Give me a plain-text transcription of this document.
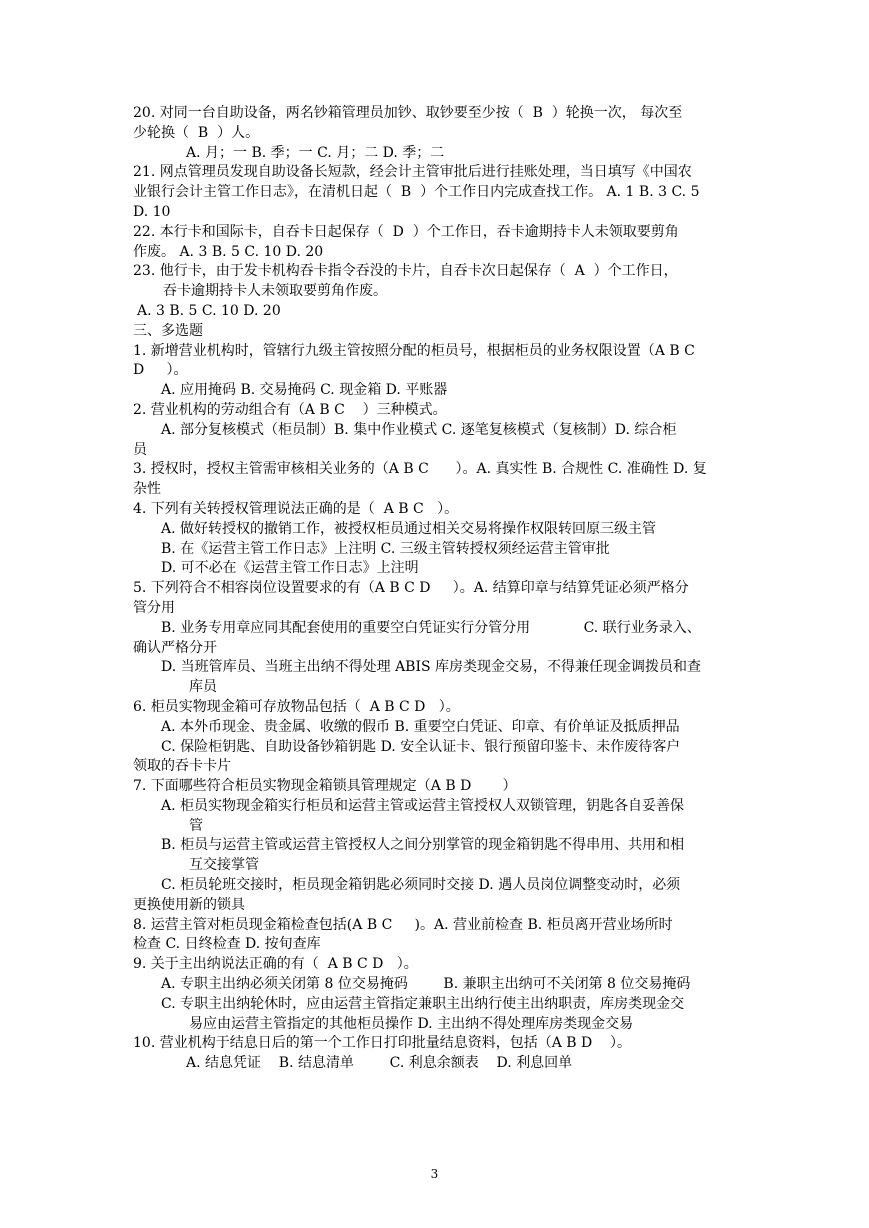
20. 对同一台自助设备，两名钞箱管理员加钞、取钞要至少按（  B  ）轮换一次， 每次至
少轮换（  B  ）人。
A. 月；一 B. 季；一 C. 月；二 D. 季；二
21. 网点管理员发现自助设备长短款，经会计主管审批后进行挂账处理，当日填写《中国农
业银行会计主管工作日志》，在清机日起（  B  ）个工作日内完成查找工作。 A. 1 B. 3 C. 5
D. 10
22. 本行卡和国际卡，自吞卡日起保存（  D  ）个工作日，吞卡逾期持卡人未领取要剪角
作废。 A. 3 B. 5 C. 10 D. 20
23. 他行卡，由于发卡机构吞卡指令吞没的卡片，自吞卡次日起保存（  A  ）个工作日，
吞卡逾期持卡人未领取要剪角作废。
A. 3 B. 5 C. 10 D. 20
三、多选题
1. 新增营业机构时，管辖行九级主管按照分配的柜员号，根据柜员的业务权限设置（A B C
D     ）。
A. 应用掩码 B. 交易掩码 C. 现金箱 D. 平账器
2. 营业机构的劳动组合有（A B C    ）三种模式。
A. 部分复核模式（柜员制）B. 集中作业模式 C. 逐笔复核模式（复核制）D. 综合柜
员
3. 授权时，授权主管需审核相关业务的（A B C      ）。A. 真实性 B. 合规性 C. 准确性 D. 复
杂性
4. 下列有关转授权管理说法正确的是（  A B C   ）。
A. 做好转授权的撤销工作，被授权柜员通过相关交易将操作权限转回原三级主管
B. 在《运营主管工作日志》上注明 C. 三级主管转授权须经运营主管审批
D. 可不必在《运营主管工作日志》上注明
5. 下列符合不相容岗位设置要求的有（A B C D     ）。A. 结算印章与结算凭证必须严格分
管分用
B. 业务专用章应同其配套使用的重要空白凭证实行分管分用            C. 联行业务录入、
确认严格分开
D. 当班管库员、当班主出纳不得处理 ABIS 库房类现金交易，不得兼任现金调拨员和查
库员
6. 柜员实物现金箱可存放物品包括（  A B C D   ）。
A. 本外币现金、贵金属、收缴的假币 B. 重要空白凭证、印章、有价单证及抵质押品
C. 保险柜钥匙、自助设备钞箱钥匙 D. 安全认证卡、银行预留印鉴卡、未作废待客户
领取的吞卡卡片
7. 下面哪些符合柜员实物现金箱锁具管理规定（A B D       ）
A. 柜员实物现金箱实行柜员和运营主管或运营主管授权人双锁管理，钥匙各自妥善保
管
B. 柜员与运营主管或运营主管授权人之间分别掌管的现金箱钥匙不得串用、共用和相
互交接掌管
C. 柜员轮班交接时，柜员现金箱钥匙必须同时交接 D. 遇人员岗位调整变动时，必须
更换使用新的锁具
8. 运营主管对柜员现金箱检查包括(A B C     )。A. 营业前检查 B. 柜员离开营业场所时
检查 C. 日终检查 D. 按旬查库
9. 关于主出纳说法正确的有（  A B C D   ）。
A. 专职主出纳必须关闭第 8 位交易掩码        B. 兼职主出纳可不关闭第 8 位交易掩码
C. 专职主出纳轮休时，应由运营主管指定兼职主出纳行使主出纳职责，库房类现金交
易应由运营主管指定的其他柜员操作 D. 主出纳不得处理库房类现金交易
10. 营业机构于结息日后的第一个工作日打印批量结息资料，包括（A B D    ）。
A. 结息凭证    B. 结息清单        C. 利息余额表    D. 利息回单
3
